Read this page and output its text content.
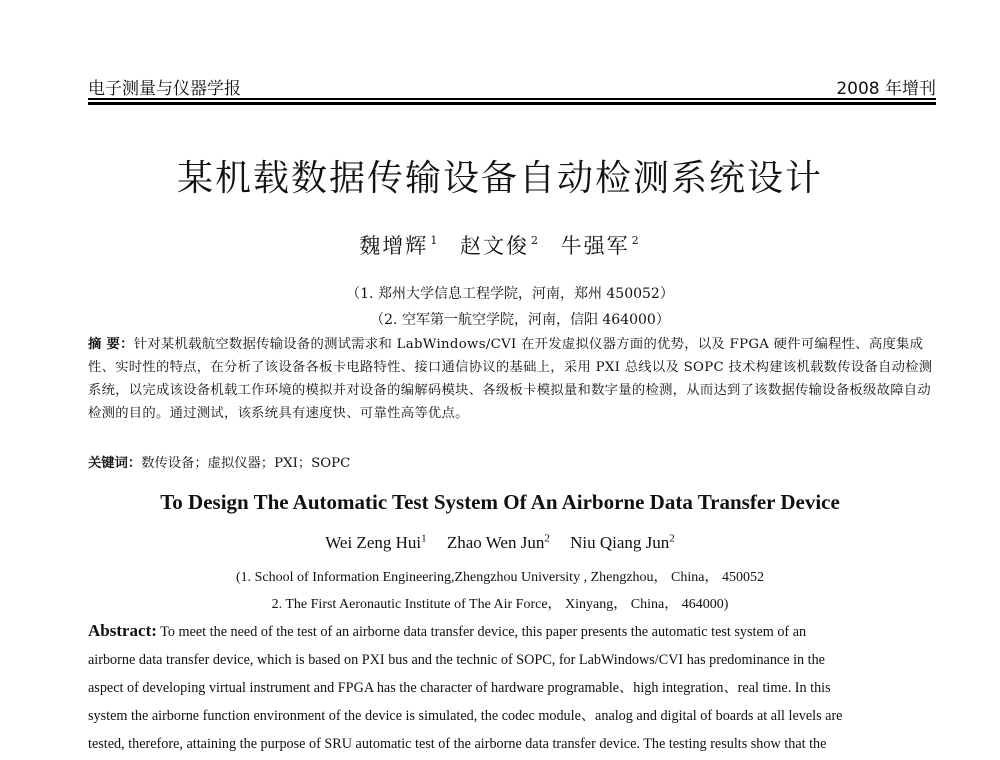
电子测量与仪器学报	2008 年增刊
某机载数据传输设备自动检测系统设计
魏增辉 $^1$ 赵文俊 $^2$ 牛强军 $^2$
（1. 郑州大学信息工程学院，河南，郑州 450052）
（2. 空军第一航空学院，河南，信阳 464000）
摘 要：针对某机载航空数据传输设备的测试需求和 LabWindows/CVI 在开发虚拟仪器方面的优势，以及 FPGA 硬件可编程性、高度集成性、实时性的特点，在分析了该设备各板卡电路特性、接口通信协议的基础上，采用 PXI 总线以及 SOPC 技术构建该机载数传设备自动检测系统，以完成该设备机载工作环境的模拟并对设备的编解码模块、各级板卡模拟量和数字量的检测，从而达到了该数据传输设备板级故障自动检测的目的。通过测试，该系统具有速度快、可靠性高等优点。
关键词：数传设备；虚拟仪器；PXI；SOPC
To Design The Automatic Test System Of An Airborne Data Transfer Device
Wei Zeng Hui$^1$ Zhao Wen Jun$^2$ Niu Qiang Jun$^2$
(1. School of Information Engineering,Zhengzhou University , Zhengzhou， China， 450052
2. The First Aeronautic Institute of The Air Force， Xinyang， China， 464000)
Abstract: To meet the need of the test of an airborne data transfer device, this paper presents the automatic test system of an
airborne data transfer device, which is based on PXI bus and the technic of SOPC, for LabWindows/CVI has predominance in the
aspect of developing virtual instrument and FPGA has the character of hardware programable、high integration、real time. In this
system the airborne function environment of the device is simulated, the codec module、analog and digital of boards at all levels are
tested, therefore, attaining the purpose of SRU automatic test of the airborne data transfer device. The testing results show that the
